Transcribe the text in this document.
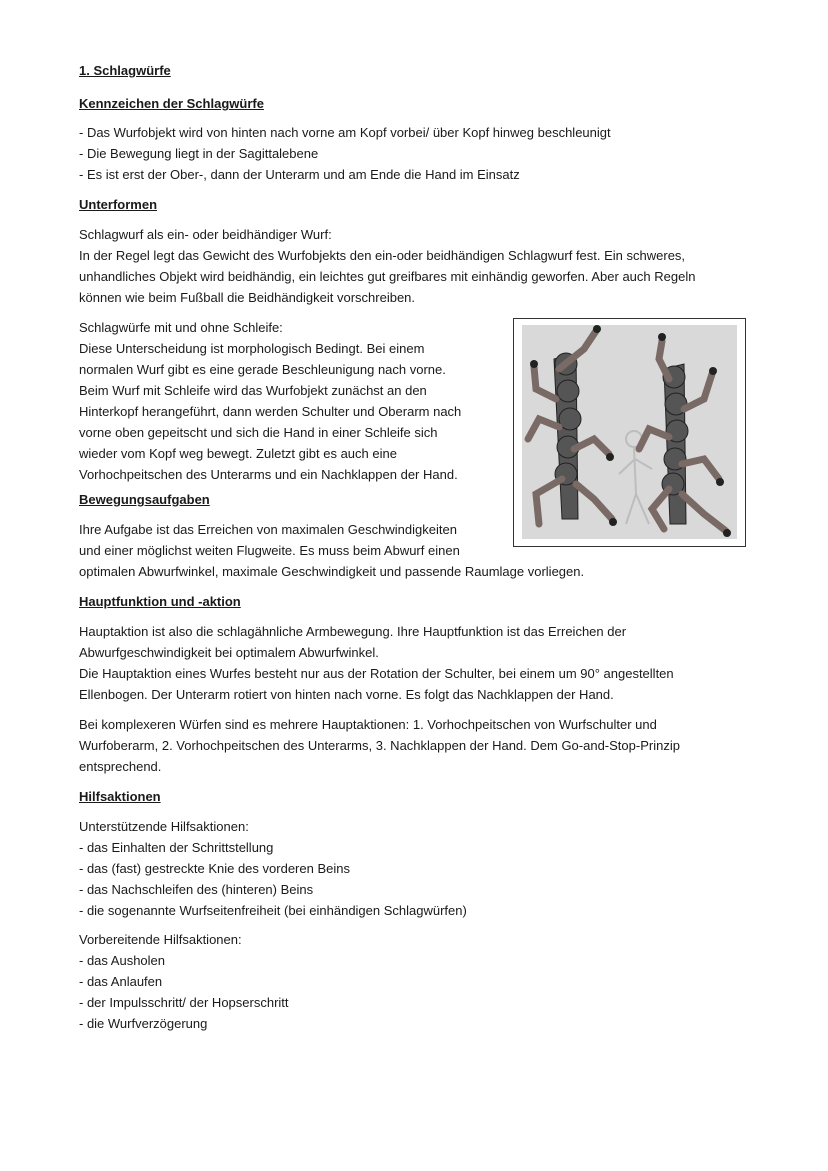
1. Schlagwürfe
Kennzeichen der Schlagwürfe
- Das Wurfobjekt wird von hinten nach vorne am Kopf vorbei/ über Kopf hinweg beschleunigt
- Die Bewegung liegt in der Sagittalebene
- Es ist erst der Ober-, dann der Unterarm und am Ende die Hand im Einsatz
Unterformen
Schlagwurf als ein- oder beidhändiger Wurf:
In der Regel legt das Gewicht des Wurfobjekts den ein-oder beidhändigen Schlagwurf fest. Ein schweres,
unhandliches Objekt wird beidhändig, ein leichtes gut greifbares mit einhändig geworfen. Aber auch Regeln
können wie beim Fußball die Beidhändigkeit vorschreiben.
Schlagwürfe mit und ohne Schleife:
Diese Unterscheidung ist morphologisch Bedingt. Bei einem
normalen Wurf gibt es eine gerade Beschleunigung nach vorne.
Beim Wurf mit Schleife wird das Wurfobjekt zunächst an den
Hinterkopf herangeführt, dann werden Schulter und Oberarm nach
vorne oben gepeitscht und sich die Hand in einer Schleife sich
wieder vom Kopf weg bewegt. Zuletzt gibt es auch eine
Vorhochpeitschen des Unterarms und ein Nachklappen der Hand.
Bewegungsaufgaben
Ihre Aufgabe ist das Erreichen von maximalen Geschwindigkeiten
und einer möglichst weiten Flugweite. Es muss beim Abwurf einen
optimalen Abwurfwinkel, maximale Geschwindigkeit und passende Raumlage vorliegen.
Hauptfunktion und -aktion
Hauptaktion ist also die schlagähnliche Armbewegung. Ihre Hauptfunktion ist das Erreichen der
Abwurfgeschwindigkeit bei optimalem Abwurfwinkel.
Die Hauptaktion eines Wurfes besteht nur aus der Rotation der Schulter, bei einem um 90° angestellten
Ellenbogen. Der Unterarm rotiert von hinten nach vorne. Es folgt das Nachklappen der Hand.
Bei komplexeren Würfen sind es mehrere Hauptaktionen: 1. Vorhochpeitschen von Wurfschulter und
Wurfoberarm, 2. Vorhochpeitschen des Unterarms, 3. Nachklappen der Hand. Dem Go-and-Stop-Prinzip
entsprechend.
Hilfsaktionen
Unterstützende Hilfsaktionen:
- das Einhalten der Schrittstellung
- das (fast) gestreckte Knie des vorderen Beins
- das Nachschleifen des (hinteren) Beins
- die sogenannte Wurfseitenfreiheit (bei einhändigen Schlagwürfen)
Vorbereitende Hilfsaktionen:
- das Ausholen
- das Anlaufen
- der Impulsschritt/ der Hopserschritt
- die Wurfverzögerung
